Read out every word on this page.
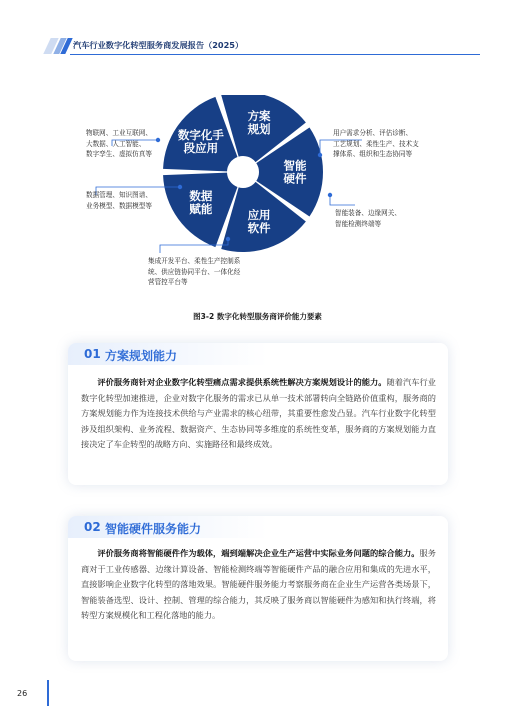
汽车行业数字化转型服务商发展报告（2025）
数字化手段应用
方案规划
智能硬件
应用软件
数据赋能
物联网、工业互联网、
大数据、人工智能、
数字孪生、虚拟仿真等
用户需求分析、评估诊断、
工艺规划、柔性生产、技术支
撑体系、组织和生态协同等
数据管理、知识图谱、
业务模型、数据模型等
智能装备、边缘网关、
智能检测终端等
集成开发平台、柔性生产控制系
统、供应链协同平台、一体化经
营管控平台等
图3-2 数字化转型服务商评价能力要素
01 方案规划能力
评价服务商针对企业数字化转型痛点需求提供系统性解决方案规划设计的能力。随着汽车行业数字化转型加速推进，企业对数字化服务的需求已从单一技术部署转向全链路价值重构，服务商的方案规划能力作为连接技术供给与产业需求的核心纽带，其重要性愈发凸显。汽车行业数字化转型涉及组织架构、业务流程、数据资产、生态协同等多维度的系统性变革，服务商的方案规划能力直接决定了车企转型的战略方向、实施路径和最终成效。
02 智能硬件服务能力
评价服务商将智能硬件作为载体，端到端解决企业生产运营中实际业务问题的综合能力。服务商对于工业传感器、边缘计算设备、智能检测终端等智能硬件产品的融合应用和集成的先进水平，直接影响企业数字化转型的落地效果。智能硬件服务能力考察服务商在企业生产运营各类场景下，智能装备选型、设计、控制、管理的综合能力，其反映了服务商以智能硬件为感知和执行终端，将转型方案规模化和工程化落地的能力。
26
